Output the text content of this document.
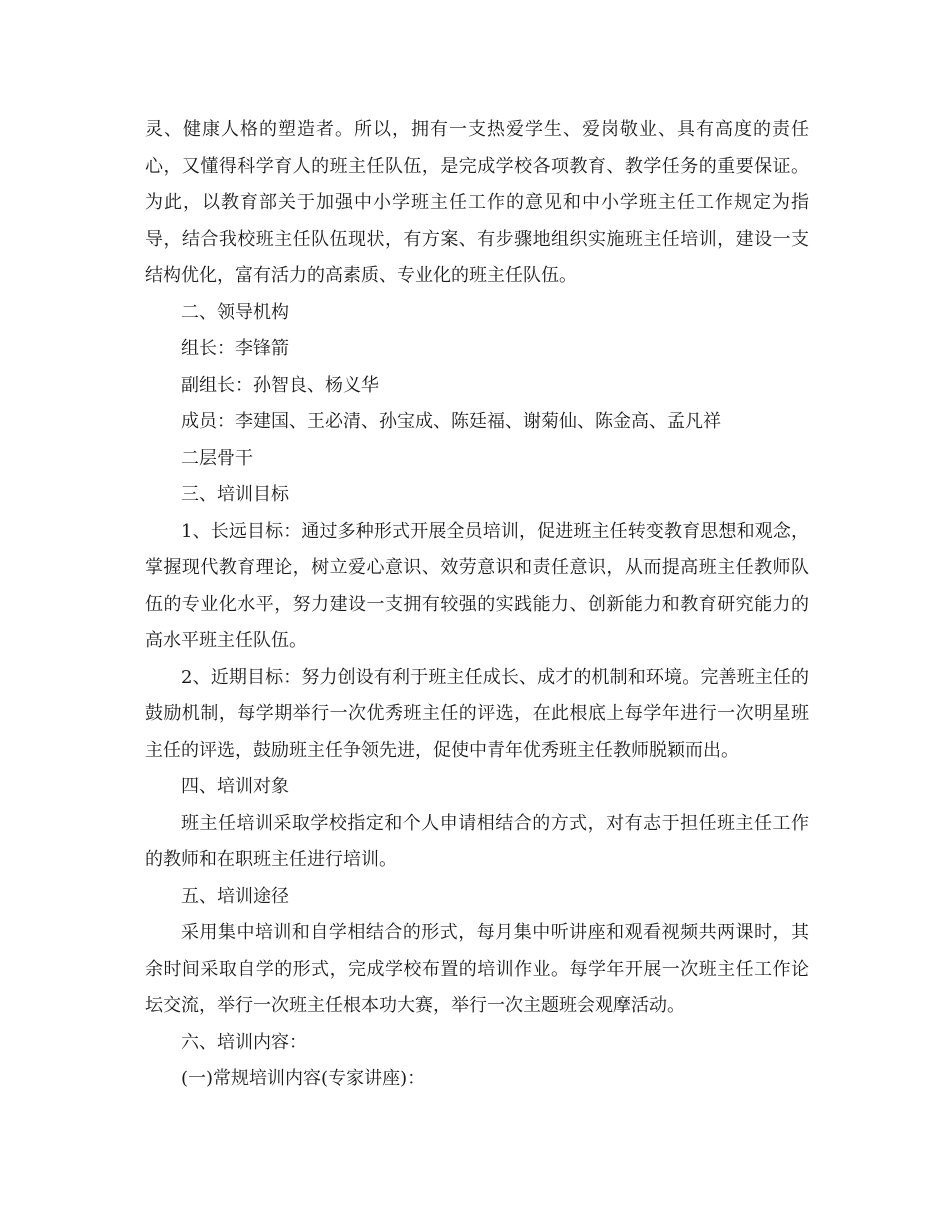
灵、健康人格的塑造者。所以，拥有一支热爱学生、爱岗敬业、具有高度的责任心，又懂得科学育人的班主任队伍，是完成学校各项教育、教学任务的重要保证。为此，以教育部关于加强中小学班主任工作的意见和中小学班主任工作规定为指导，结合我校班主任队伍现状，有方案、有步骤地组织实施班主任培训，建设一支结构优化，富有活力的高素质、专业化的班主任队伍。

二、领导机构

组长：李锋箭

副组长：孙智良、杨义华

成员：李建国、王必清、孙宝成、陈廷福、谢菊仙、陈金高、孟凡祥

二层骨干

三、培训目标

1、长远目标：通过多种形式开展全员培训，促进班主任转变教育思想和观念，掌握现代教育理论，树立爱心意识、效劳意识和责任意识，从而提高班主任教师队伍的专业化水平，努力建设一支拥有较强的实践能力、创新能力和教育研究能力的高水平班主任队伍。

2、近期目标：努力创设有利于班主任成长、成才的机制和环境。完善班主任的鼓励机制，每学期举行一次优秀班主任的评选，在此根底上每学年进行一次明星班主任的评选，鼓励班主任争领先进，促使中青年优秀班主任教师脱颖而出。

四、培训对象

班主任培训采取学校指定和个人申请相结合的方式，对有志于担任班主任工作的教师和在职班主任进行培训。

五、培训途径

采用集中培训和自学相结合的形式，每月集中听讲座和观看视频共两课时，其余时间采取自学的形式，完成学校布置的培训作业。每学年开展一次班主任工作论坛交流，举行一次班主任根本功大赛，举行一次主题班会观摩活动。

六、培训内容：

(一)常规培训内容(专家讲座)：
